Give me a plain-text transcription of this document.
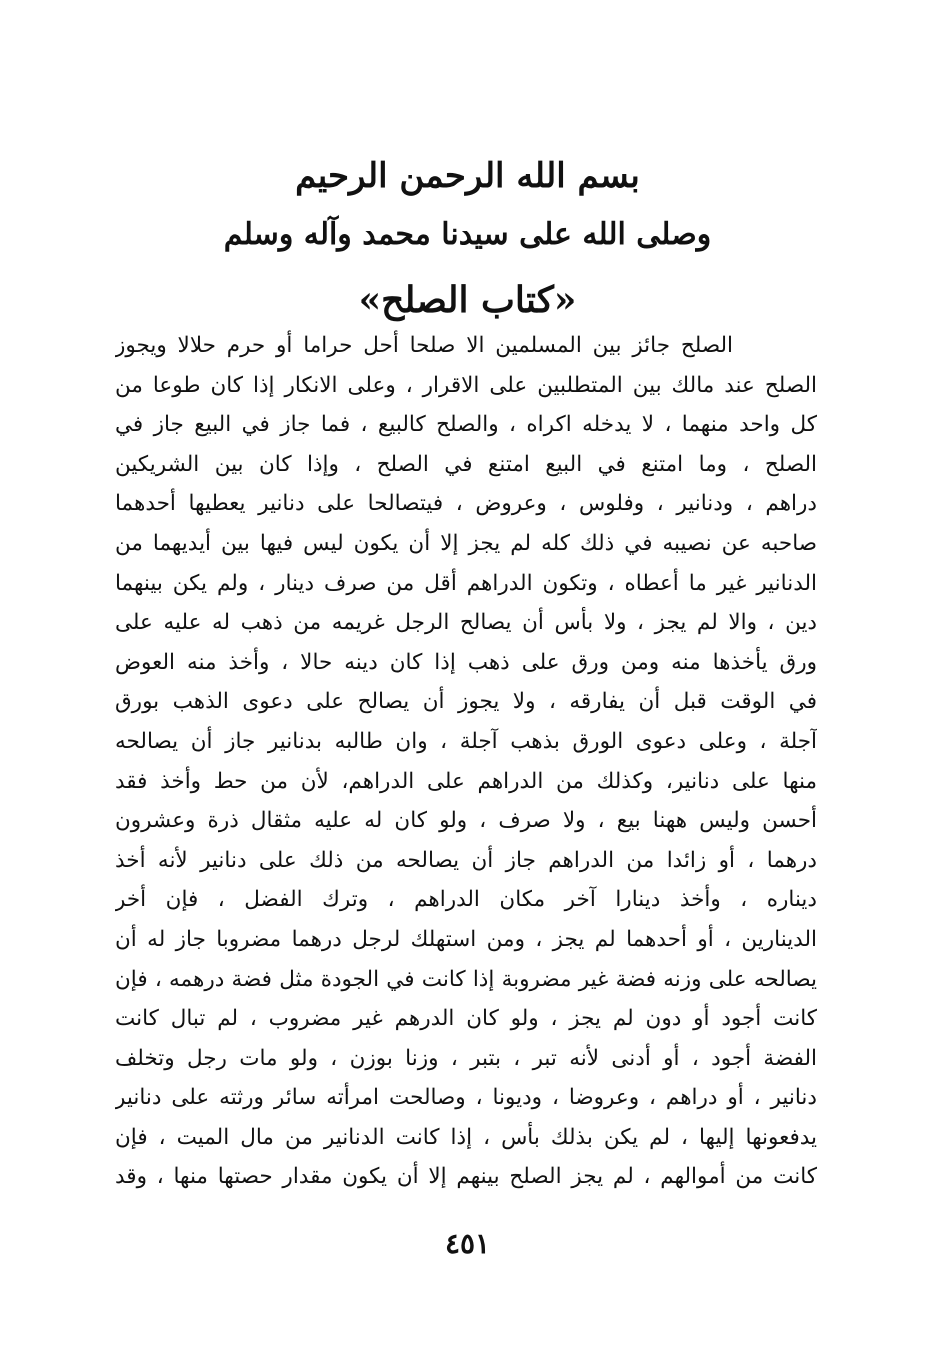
بسم الله الرحمن الرحيم
وصلى الله على سيدنا محمد وآله وسلم
«كتاب الصلح»
الصلح جائز بين المسلمين الا صلحا أحل حراما أو حرم حلالا ويجوز
الصلح عند مالك بين المتطلبين على الاقرار ، وعلى الانكار إذا كان طوعا من
كل واحد منهما ، لا يدخله اكراه ، والصلح كالبيع ، فما جاز في البيع جاز في
الصلح ، وما امتنع في البيع امتنع في الصلح ، وإذا كان بين الشريكين
دراهم ، ودنانير ، وفلوس ، وعروض ، فيتصالحا على دنانير يعطيها أحدهما
صاحبه عن نصيبه في ذلك كله لم يجز إلا أن يكون ليس فيها بين أيديهما من
الدنانير غير ما أعطاه ، وتكون الدراهم أقل من صرف دينار ، ولم يكن بينهما
دين ، والا لم يجز ، ولا بأس أن يصالح الرجل غريمه من ذهب له عليه على
ورق يأخذها منه ومن ورق على ذهب إذا كان دينه حالا ، وأخذ منه العوض
في الوقت قبل أن يفارقه ، ولا يجوز أن يصالح على دعوى الذهب بورق
آجلة ، وعلى دعوى الورق بذهب آجلة ، وان طالبه بدنانير جاز أن يصالحه
منها على دنانير، وكذلك من الدراهم على الدراهم، لأن من حط وأخذ فقد
أحسن وليس ههنا بيع ، ولا صرف ، ولو كان له عليه مثقال ذرة وعشرون
درهما ، أو زائدا من الدراهم جاز أن يصالحه من ذلك على دنانير لأنه أخذ
ديناره ، وأخذ دينارا آخر مكان الدراهم ، وترك الفضل ، فإن أخر
الدينارين ، أو أحدهما لم يجز ، ومن استهلك لرجل درهما مضروبا جاز له أن
يصالحه على وزنه فضة غير مضروبة إذا كانت في الجودة مثل فضة درهمه ، فإن
كانت أجود أو دون لم يجز ، ولو كان الدرهم غير مضروب ، لم تبال كانت
الفضة أجود ، أو أدنى لأنه تبر ، بتبر ، وزنا بوزن ، ولو مات رجل وتخلف
دنانير ، أو دراهم ، وعروضا ، وديونا ، وصالحت امرأته سائر ورثته على دنانير
يدفعونها إليها ، لم يكن بذلك بأس ، إذا كانت الدنانير من مال الميت ، فإن
كانت من أموالهم ، لم يجز الصلح بينهم إلا أن يكون مقدار حصتها منها ، وقد
٤٥١
